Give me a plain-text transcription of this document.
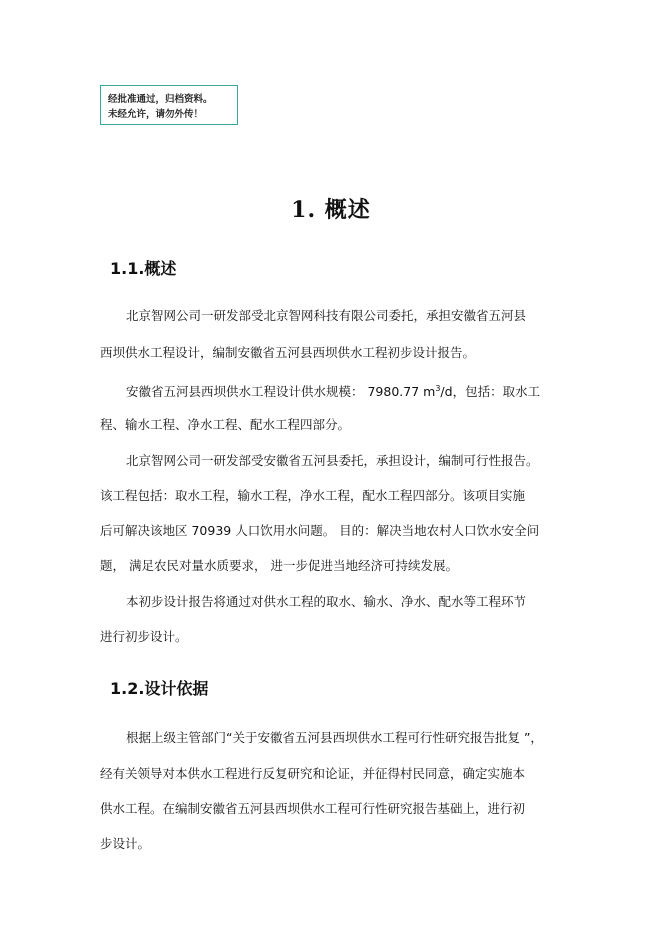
经批准通过，归档资料。
未经允许，请勿外传！
1. 概述
1.1.概述
北京智网公司一研发部受北京智网科技有限公司委托，承担安徽省五河县
西坝供水工程设计，编制安徽省五河县西坝供水工程初步设计报告。
安徽省五河县西坝供水工程设计供水规模： 7980.77 $m^3/d$，包括：取水工
程、输水工程、净水工程、配水工程四部分。
北京智网公司一研发部受安徽省五河县委托，承担设计，编制可行性报告。
该工程包括：取水工程，输水工程，净水工程，配水工程四部分。该项目实施
后可解决该地区 70939 人口饮用水问题。 目的：解决当地农村人口饮水安全问
题， 满足农民对量水质要求， 进一步促进当地经济可持续发展。
本初步设计报告将通过对供水工程的取水、输水、净水、配水等工程环节
进行初步设计。
1.2.设计依据
根据上级主管部门“关于安徽省五河县西坝供水工程可行性研究报告批复 ”，
经有关领导对本供水工程进行反复研究和论证，并征得村民同意，确定实施本
供水工程。在编制安徽省五河县西坝供水工程可行性研究报告基础上，进行初
步设计。
